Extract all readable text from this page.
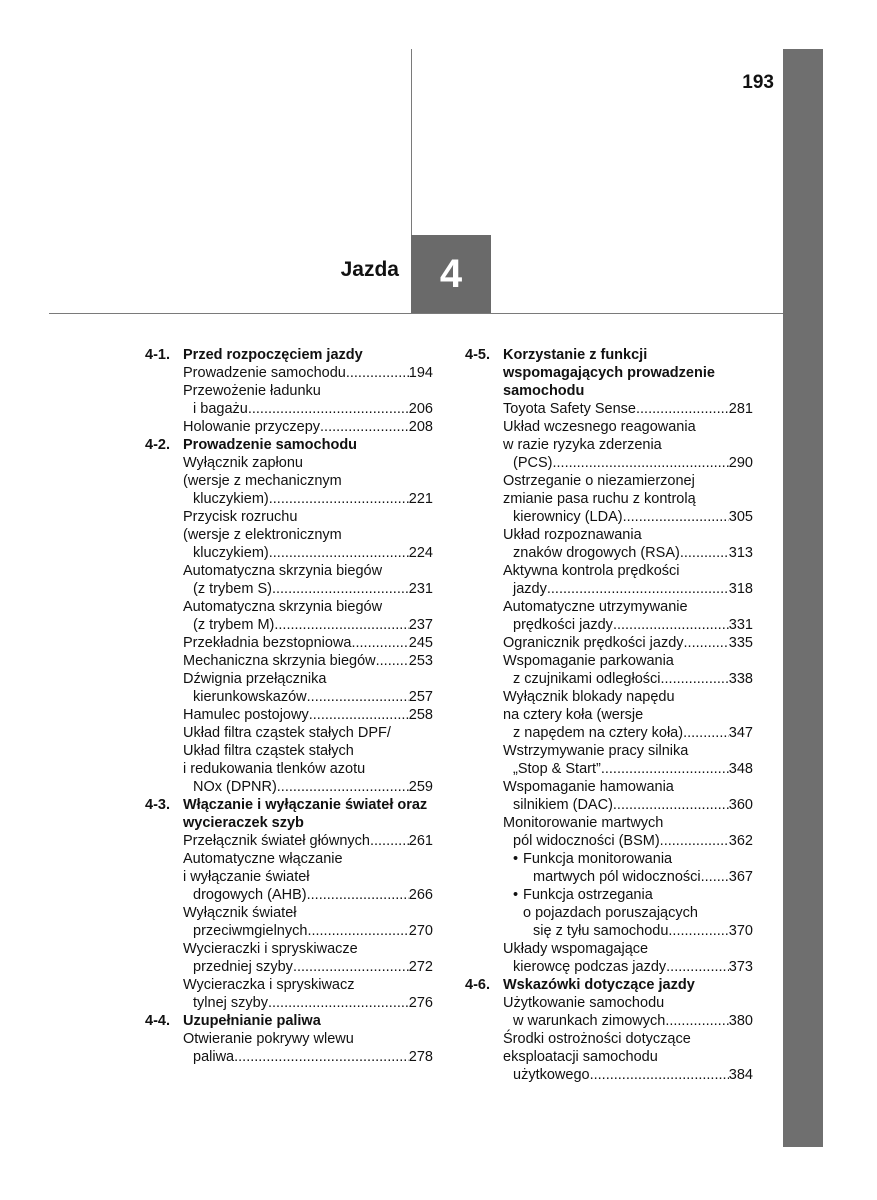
193
Jazda	4
4-1. Przed rozpoczęciem jazdy
Prowadzenie samochodu .....	194
Przewożenie ładunku
i bagażu .....	206
Holowanie przyczepy .....	208
4-2. Prowadzenie samochodu
Wyłącznik zapłonu
(wersje z mechanicznym
kluczykiem) .....	221
Przycisk rozruchu
(wersje z elektronicznym
kluczykiem) .....	224
Automatyczna skrzynia biegów
(z trybem S) .....	231
Automatyczna skrzynia biegów
(z trybem M) .....	237
Przekładnia bezstopniowa .....	245
Mechaniczna skrzynia biegów ..... 253
Dźwignia przełącznika
kierunkowskazów .....	257
Hamulec postojowy .....	258
Układ filtra cząstek stałych DPF/
Układ filtra cząstek stałych
i redukowania tlenków azotu
NOx (DPNR) .....	259
4-3. Włączanie i wyłączanie świateł oraz wycieraczek szyb
Przełącznik świateł głównych .....	261
Automatyczne włączanie
i wyłączanie świateł
drogowych (AHB) .....	266
Wyłącznik świateł
przeciwmgielnych .....	270
Wycieraczki i spryskiwacze
przedniej szyby .....	272
Wycieraczka i spryskiwacz
tylnej szyby .....	276
4-4. Uzupełnianie paliwa
Otwieranie pokrywy wlewu
paliwa .....	278
4-5. Korzystanie z funkcji wspomagających prowadzenie samochodu
Toyota Safety Sense .....	281
Układ wczesnego reagowania
w razie ryzyka zderzenia
(PCS) .....	290
Ostrzeganie o niezamierzonej
zmianie pasa ruchu z kontrolą
kierownicy (LDA) .....	305
Układ rozpoznawania
znaków drogowych (RSA) .....	313
Aktywna kontrola prędkości
jazdy .....	318
Automatyczne utrzymywanie
prędkości jazdy .....	331
Ogranicznik prędkości jazdy .....	335
Wspomaganie parkowania
z czujnikami odległości .....	338
Wyłącznik blokady napędu
na cztery koła (wersje
z napędem na cztery koła) .....	347
Wstrzymywanie pracy silnika
„Stop & Start” .....	348
Wspomaganie hamowania
silnikiem (DAC) .....	360
Monitorowanie martwych
pól widoczności (BSM) .....	362
• Funkcja monitorowania
martwych pól widoczności ..... 367
• Funkcja ostrzegania
o pojazdach poruszających
się z tyłu samochodu .....	370
Układy wspomagające
kierowcę podczas jazdy .....	373
4-6. Wskazówki dotyczące jazdy
Użytkowanie samochodu
w warunkach zimowych .....	380
Środki ostrożności dotyczące
eksploatacji samochodu
użytkowego .....	384
